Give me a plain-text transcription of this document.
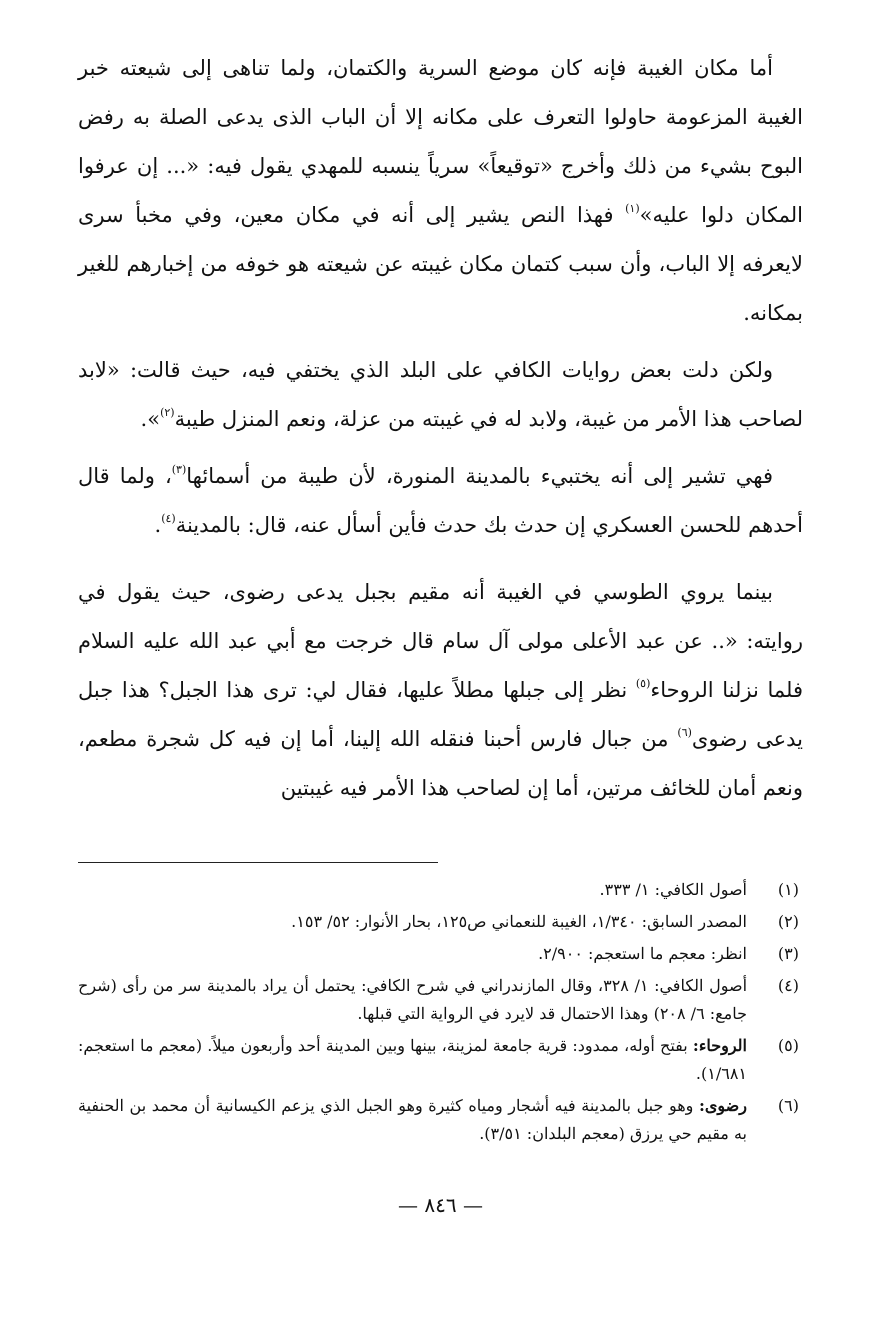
أما مكان الغيبة فإنه كان موضع السرية والكتمان، ولما تناهى إلى شيعته خبر الغيبة المزعومة حاولوا التعرف على مكانه إلا أن الباب الذى يدعى الصلة به رفض البوح بشيء من ذلك وأخرج «توقيعاً» سرياً ينسبه للمهدي يقول فيه: «... إن عرفوا المكان دلوا عليه»$^{(١)}$ فهذا النص يشير إلى أنه في مكان معين، وفي مخبأ سرى لايعرفه إلا الباب، وأن سبب كتمان مكان غيبته عن شيعته هو خوفه من إخبارهم للغير بمكانه.

ولكن دلت بعض روايات الكافي على البلد الذي يختفي فيه، حيث قالت: «لابد لصاحب هذا الأمر من غيبة، ولابد له في غيبته من عزلة، ونعم المنزل طيبة$^{(٢)}$».

فهي تشير إلى أنه يختبيء بالمدينة المنورة، لأن طيبة من أسمائها$^{(٣)}$، ولما قال أحدهم للحسن العسكري إن حدث بك حدث فأين أسأل عنه، قال: بالمدينة$^{(٤)}$.

بينما يروي الطوسي في الغيبة أنه مقيم بجبل يدعى رضوى، حيث يقول في روايته: «.. عن عبد الأعلى مولى آل سام قال خرجت مع أبي عبد الله عليه السلام فلما نزلنا الروحاء$^{(٥)}$ نظر إلى جبلها مطلاً عليها، فقال لي: ترى هذا الجبل؟ هذا جبل يدعى رضوى$^{(٦)}$ من جبال فارس أحبنا فنقله الله إلينا، أما إن فيه كل شجرة مطعم، ونعم أمان للخائف مرتين، أما إن لصاحب هذا الأمر فيه غيبتين

(١)
أصول الكافي: ١/ ٣٣٣.
(٢)
المصدر السابق: ١/٣٤٠، الغيبة للنعماني ص١٢٥، بحار الأنوار: ٥٢/ ١٥٣.
(٣)
انظر: معجم ما استعجم: ٢/٩٠٠.
(٤)
أصول الكافي: ١/ ٣٢٨، وقال المازندراني في شرح الكافي: يحتمل أن يراد بالمدينة سر من رأى (شرح جامع: ٦/ ٢٠٨) وهذا الاحتمال قد لايرد في الرواية التي قبلها.
(٥)
الروحاء: بفتح أوله، ممدود: قرية جامعة لمزينة، بينها وبين المدينة أحد وأربعون ميلاً. (معجم ما استعجم: ١/٦٨١).
(٦)
رضوى: وهو جبل بالمدينة فيه أشجار ومياه كثيرة وهو الجبل الذي يزعم الكيسانية أن محمد بن الحنفية به مقيم حي يرزق (معجم البلدان: ٣/٥١).
— ٨٤٦ —
